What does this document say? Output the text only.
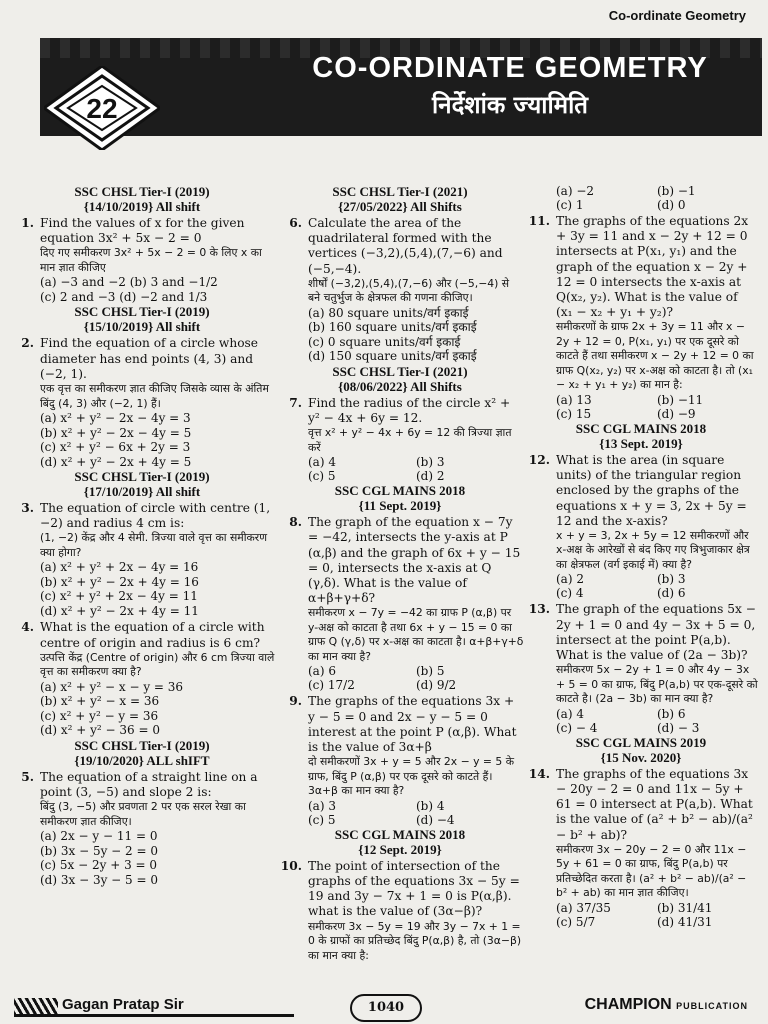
Co-ordinate Geometry
22
CO-ORDINATE GEOMETRY
निर्देशांक ज्यामिति
SSC CHSL Tier-I (2019)
{14/10/2019} All shift
1. Find the values of x for the given equation 3x² + 5x − 2 = 0
दिए गए समीकरण 3x² + 5x − 2 = 0 के लिए x का मान ज्ञात कीजिए
(a) −3 and −2 (b) 3 and −1/2
(c) 2 and −3 (d) −2 and 1/3
SSC CHSL Tier-I (2019)
{15/10/2019} All shift
2. Find the equation of a circle whose diameter has end points (4, 3) and (−2, 1).
एक वृत्त का समीकरण ज्ञात कीजिए जिसके व्यास के अंतिम बिंदु (4, 3) और (−2, 1) हैं।
(a) x² + y² − 2x − 4y = 3
(b) x² + y² − 2x − 4y = 5
(c) x² + y² − 6x + 2y = 3
(d) x² + y² − 2x + 4y = 5
SSC CHSL Tier-I (2019)
{17/10/2019} All shift
3. The equation of circle with centre (1, −2) and radius 4 cm is:
(1, −2) केंद्र और 4 सेमी. त्रिज्या वाले वृत्त का समीकरण क्या होगा?
(a) x² + y² + 2x − 4y = 16
(b) x² + y² − 2x + 4y = 16
(c) x² + y² + 2x − 4y = 11
(d) x² + y² − 2x + 4y = 11
4. What is the equation of a circle with centre of origin and radius is 6 cm?
उत्पत्ति केंद्र (Centre of origin) और 6 cm त्रिज्या वाले वृत्त का समीकरण क्या है?
(a) x² + y² − x − y = 36
(b) x² + y² − x = 36
(c) x² + y² − y = 36
(d) x² + y² − 36 = 0
SSC CHSL Tier-I (2019)
{19/10/2020} ALL shIFT
5. The equation of a straight line on a point (3, −5) and slope 2 is:
बिंदु (3, −5) और प्रवणता 2 पर एक सरल रेखा का समीकरण ज्ञात कीजिए।
(a) 2x − y − 11 = 0
(b) 3x − 5y − 2 = 0
(c) 5x − 2y + 3 = 0
(d) 3x − 3y − 5 = 0
SSC CHSL Tier-I (2021)
{27/05/2022} All Shifts
6. Calculate the area of the quadrilateral formed with the vertices (−3,2),(5,4),(7,−6) and (−5,−4).
शीर्षों (−3,2),(5,4),(7,−6) और (−5,−4) से बने चतुर्भुज के क्षेत्रफल की गणना कीजिए।
(a) 80 square units/वर्ग इकाई
(b) 160 square units/वर्ग इकाई
(c) 0 square units/वर्ग इकाई
(d) 150 square units/वर्ग इकाई
SSC CHSL Tier-I (2021)
{08/06/2022} All Shifts
7. Find the radius of the circle x² + y² − 4x + 6y = 12.
वृत्त x² + y² − 4x + 6y = 12 की त्रिज्या ज्ञात करें
(a) 4	(b) 3
(c) 5	(d) 2
SSC CGL MAINS 2018
{11 Sept. 2019}
8. The graph of the equation x − 7y = −42, intersects the y-axis at P (α,β) and the graph of 6x + y − 15 = 0, intersects the x-axis at Q (γ,δ). What is the value of α+β+γ+δ?
समीकरण x − 7y = −42 का ग्राफ P (α,β) पर y-अक्ष को काटता है तथा 6x + y − 15 = 0 का ग्राफ Q (γ,δ) पर x-अक्ष का काटता है। α+β+γ+δ का मान क्या है?
(a) 6	(b) 5
(c) 17/2	(d) 9/2
9. The graphs of the equations 3x + y − 5 = 0 and 2x − y − 5 = 0 interest at the point P (α,β). What is the value of 3α+β
दो समीकरणों 3x + y = 5 और 2x − y = 5 के ग्राफ, बिंदु P (α,β) पर एक दूसरे को काटते हैं। 3α+β का मान क्या है?
(a) 3	(b) 4
(c) 5	(d) −4
SSC CGL MAINS 2018
{12 Sept. 2019}
10. The point of intersection of the graphs of the equations 3x − 5y = 19 and 3y − 7x + 1 = 0 is P(α,β). what is the value of (3α−β)?
समीकरण 3x − 5y = 19 और 3y − 7x + 1 = 0 के ग्राफों का प्रतिच्छेद बिंदु P(α,β) है, तो (3α−β) का मान क्या है:
(a) −2	(b) −1
(c) 1	(d) 0
11. The graphs of the equations 2x + 3y = 11 and x − 2y + 12 = 0 intersects at P(x₁, y₁) and the graph of the equation x − 2y + 12 = 0 intersects the x-axis at Q(x₂, y₂). What is the value of (x₁ − x₂ + y₁ + y₂)?
समीकरणों के ग्राफ 2x + 3y = 11 और x − 2y + 12 = 0, P(x₁, y₁) पर एक दूसरे को काटते हैं तथा समीकरण x − 2y + 12 = 0 का ग्राफ Q(x₂, y₂) पर x-अक्ष को काटता है। तो (x₁ − x₂ + y₁ + y₂) का मान है:
(a) 13	(b) −11
(c) 15	(d) −9
SSC CGL MAINS 2018
{13 Sept. 2019}
12. What is the area (in square units) of the triangular region enclosed by the graphs of the equations x + y = 3, 2x + 5y = 12 and the x-axis?
x + y = 3, 2x + 5y = 12 समीकरणों और x-अक्ष के आरेखों से बंद किए गए त्रिभुजाकार क्षेत्र का क्षेत्रफल (वर्ग इकाई में) क्या है?
(a) 2	(b) 3
(c) 4	(d) 6
13. The graph of the equations 5x − 2y + 1 = 0 and 4y − 3x + 5 = 0, intersect at the point P(a,b). What is the value of (2a − 3b)?
समीकरण 5x − 2y + 1 = 0 और 4y − 3x + 5 = 0 का ग्राफ, बिंदु P(a,b) पर एक-दूसरे को काटते है। (2a − 3b) का मान क्या है?
(a) 4	(b) 6
(c) − 4	(d) − 3
SSC CGL MAINS 2019
{15 Nov. 2020}
14. The graphs of the equations 3x − 20y − 2 = 0 and 11x − 5y + 61 = 0 intersect at P(a,b). What is the value of (a² + b² − ab)/(a² − b² + ab)?
समीकरण 3x − 20y − 2 = 0 और 11x − 5y + 61 = 0 का ग्राफ, बिंदु P(a,b) पर प्रतिच्छेदित करता है। (a² + b² − ab)/(a² − b² + ab) का मान ज्ञात कीजिए।
(a) 37/35	(b) 31/41
(c) 5/7	(d) 41/31
Gagan Pratap Sir	1040	CHAMPION PUBLICATION
